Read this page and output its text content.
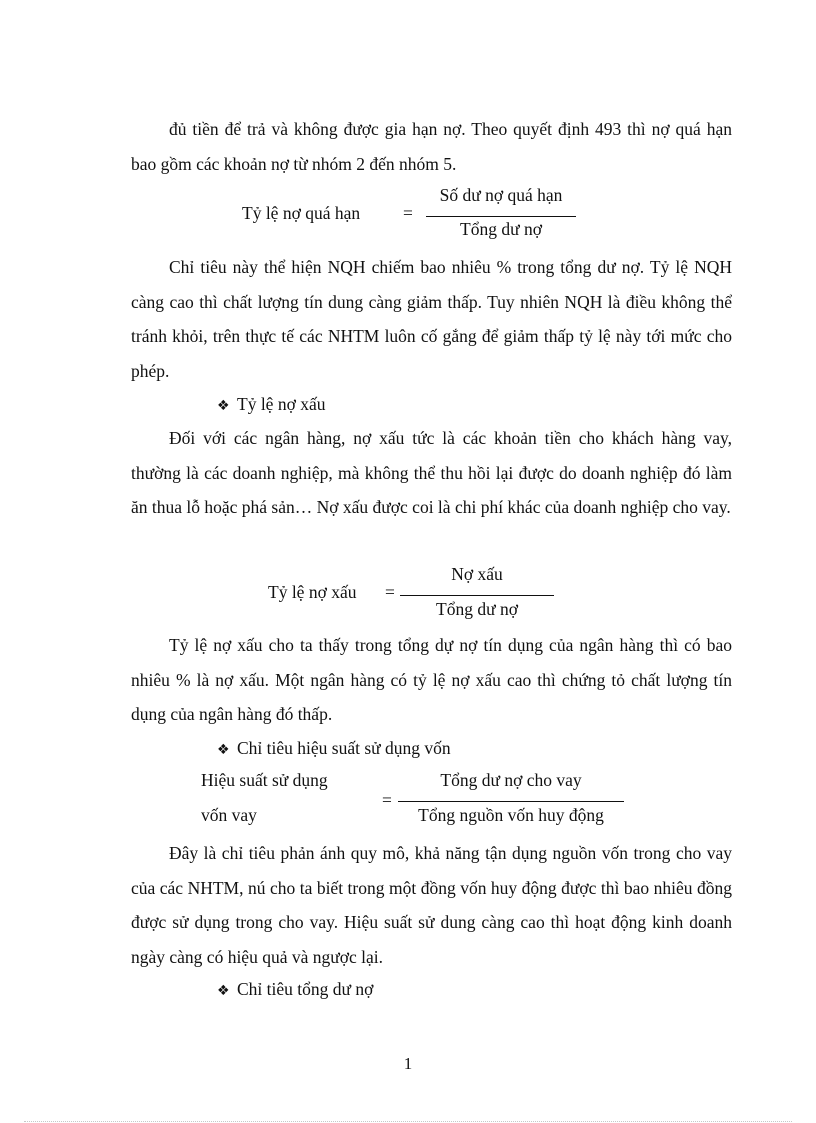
đủ tiền để trả và không được gia hạn nợ. Theo quyết định 493 thì nợ quá hạn bao gồm các khoản nợ từ nhóm 2 đến nhóm 5.

Tỷ lệ nợ quá hạn =
Số dư nợ quá hạn
Tổng dư nợ

Chỉ tiêu này thể hiện NQH chiếm bao nhiêu % trong tổng dư nợ. Tỷ lệ NQH càng cao thì chất lượng tín dung càng giảm thấp. Tuy nhiên NQH là điều không thể tránh khỏi, trên thực tế các NHTM luôn cố gắng để giảm thấp tỷ lệ này tới mức cho phép.

❖ Tỷ lệ nợ xấu

Đối với các ngân hàng, nợ xấu tức là các khoản tiền cho khách hàng vay, thường là các doanh nghiệp, mà không thể thu hồi lại được do doanh nghiệp đó làm ăn thua lỗ hoặc phá sản… Nợ xấu được coi là chi phí khác của doanh nghiệp cho vay.

Tỷ lệ nợ xấu =
Nợ xấu
Tổng dư nợ

Tỷ lệ nợ xấu cho ta thấy trong tổng dự nợ tín dụng của ngân hàng thì có bao nhiêu % là nợ xấu. Một ngân hàng có tỷ lệ nợ xấu cao thì chứng tỏ chất lượng tín dụng của ngân hàng đó thấp.

❖ Chỉ tiêu hiệu suất sử dụng vốn
Hiệu suất sử dụng
vốn vay
=
Tổng dư nợ cho vay
Tổng nguồn vốn huy động

Đây là chỉ tiêu phản ánh quy mô, khả năng tận dụng nguồn vốn trong cho vay của các NHTM, nú cho ta biết trong một đồng vốn huy động được thì bao nhiêu đồng được sử dụng trong cho vay. Hiệu suất sử dung càng cao thì hoạt động kinh doanh ngày càng có hiệu quả và ngược lại.

❖ Chỉ tiêu tổng dư nợ
1
